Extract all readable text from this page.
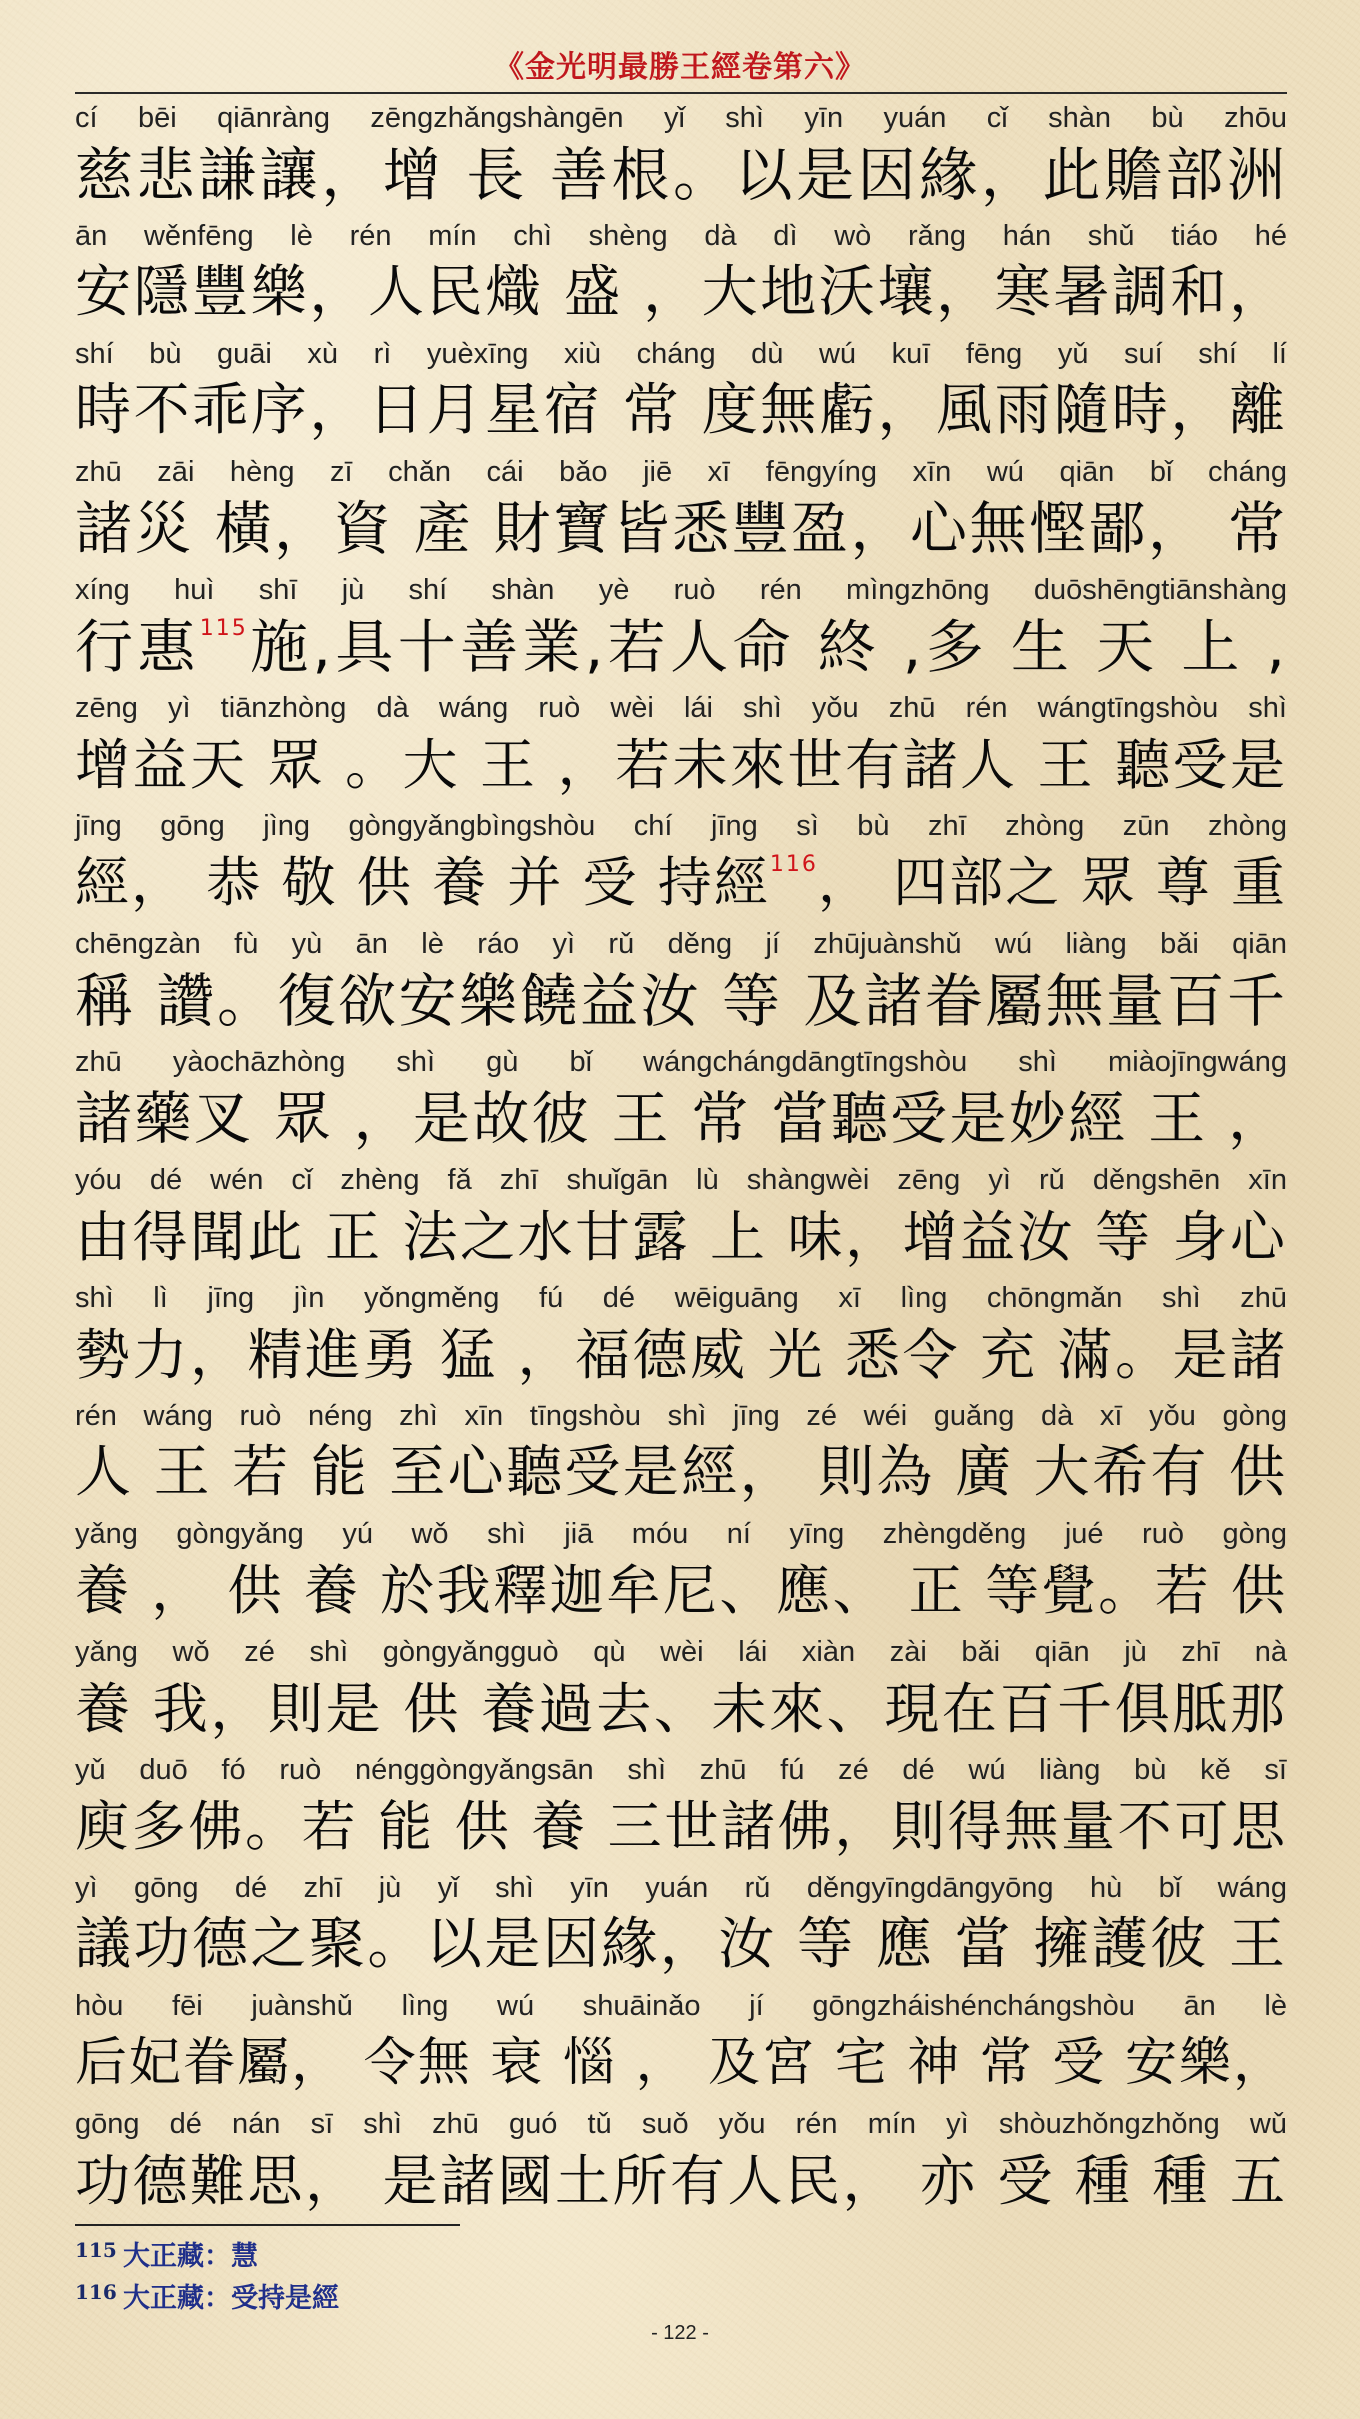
《金光明最勝王經卷第六》
cí bēi qiānràng zēngzhǎngshàngēn yǐ shì yīn yuán cǐ shàn bù zhōu
慈悲謙讓，增 長 善根。以是因緣，此贍部洲
ān wěnfēng lè rén mín chì shèng dà dì wò rǎng hán shǔ tiáo hé
安隱豐樂，人民熾 盛 ，大地沃壤，寒暑調和，
shí bù guāi xù rì yuèxīng xiù cháng dù wú kuī fēng yǔ suí shí lí
時不乖序，日月星宿 常 度無虧，風雨隨時，離
zhū zāi hèng zī chǎn cái bǎo jiē xī fēngyíng xīn wú qiān bǐ cháng
諸災 橫，資 產 財寶皆悉豐盈，心無慳鄙， 常
xíng huì shī jù shí shàn yè ruò rén mìngzhōng duōshēngtiānshàng
行惠$^{115}$施,具十善業,若人命 終 ,多 生 天 上 ,
zēng yì tiānzhòng dà wáng ruò wèi lái shì yǒu zhū rén wángtīngshòu shì
增益天 眾 。大 王 ，若未來世有諸人 王 聽受是
jīng gōng jìng gòngyǎngbìngshòu chí jīng sì bù zhī zhòng zūn zhòng
經， 恭 敬 供 養 并 受 持經$^{116}$， 四部之 眾 尊 重
chēngzàn fù yù ān lè ráo yì rǔ děng jí zhūjuànshǔ wú liàng bǎi qiān
稱 讚。復欲安樂饒益汝 等 及諸眷屬無量百千
zhū yàochāzhòng shì gù bǐ wángchángdāngtīngshòu shì miàojīngwáng
諸藥叉 眾 ，是故彼 王 常 當聽受是妙經 王 ，
yóu dé wén cǐ zhèng fǎ zhī shuǐgān lù shàngwèi zēng yì rǔ děngshēn xīn
由得聞此 正 法之水甘露 上 味，增益汝 等 身心
shì lì jīng jìn yǒngměng fú dé wēiguāng xī lìng chōngmǎn shì zhū
勢力，精進勇 猛 ，福德威 光 悉令 充 滿。是諸
rén wáng ruò néng zhì xīn tīngshòu shì jīng zé wéi guǎng dà xī yǒu gòng
人 王 若 能 至心聽受是經， 則為 廣 大希有 供
yǎng gòngyǎng yú wǒ shì jiā móu ní yīng zhèngděng jué ruò gòng
養 ， 供 養 於我釋迦牟尼、應、 正 等覺。若 供
yǎng wǒ zé shì gòngyǎngguò qù wèi lái xiàn zài bǎi qiān jù zhī nà
養 我，則是 供 養過去、未來、現在百千俱胝那
yǔ duō fó ruò nénggòngyǎngsān shì zhū fú zé dé wú liàng bù kě sī
庾多佛。若 能 供 養 三世諸佛，則得無量不可思
yì gōng dé zhī jù yǐ shì yīn yuán rǔ děngyīngdāngyōng hù bǐ wáng
議功德之聚。以是因緣，汝 等 應 當 擁護彼 王
hòu fēi juànshǔ lìng wú shuāinǎo jí gōngzháishénchángshòu ān lè
后妃眷屬， 令無 衰 惱 ， 及宮 宅 神 常 受 安樂，
gōng dé nán sī shì zhū guó tǔ suǒ yǒu rén mín yì shòuzhǒngzhǒng wǔ
功德難思， 是諸國土所有人民， 亦 受 種 種 五
115 大正藏：慧
116 大正藏：受持是經
- 122 -
